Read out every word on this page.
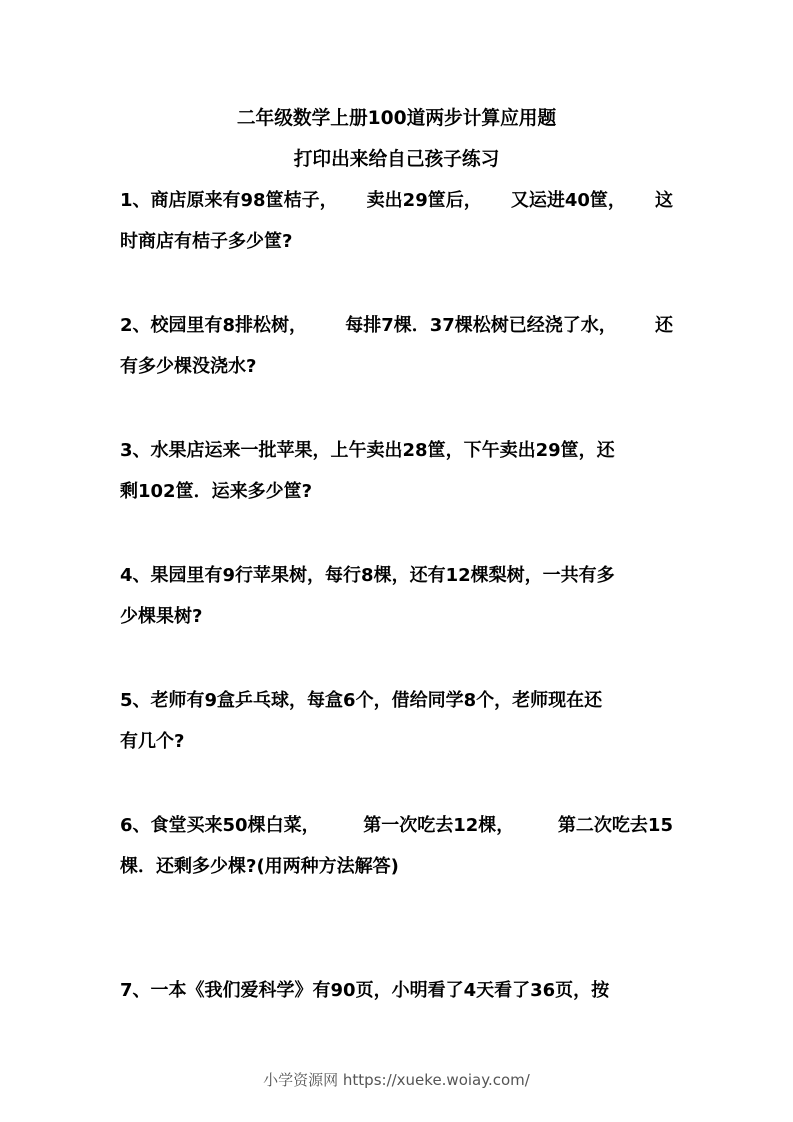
二年级数学上册100道两步计算应用题
打印出来给自己孩子练习
1、商店原来有98筐桔子， 卖出29筐后， 又运进40筐， 这
时商店有桔子多少筐?
2、校园里有8排松树， 每排7棵．37棵松树已经浇了水， 还
有多少棵没浇水?
3、水果店运来一批苹果，上午卖出28筐，下午卖出29筐，还
剩102筐．运来多少筐?
4、果园里有9行苹果树，每行8棵，还有12棵梨树，一共有多
少棵果树?
5、老师有9盒乒乓球，每盒6个，借给同学8个，老师现在还
有几个?
6、食堂买来50棵白菜， 第一次吃去12棵， 第二次吃去15
棵．还剩多少棵?(用两种方法解答)
7、一本《我们爱科学》有90页，小明看了4天看了36页，按
小学资源网 https://xueke.woiay.com/
